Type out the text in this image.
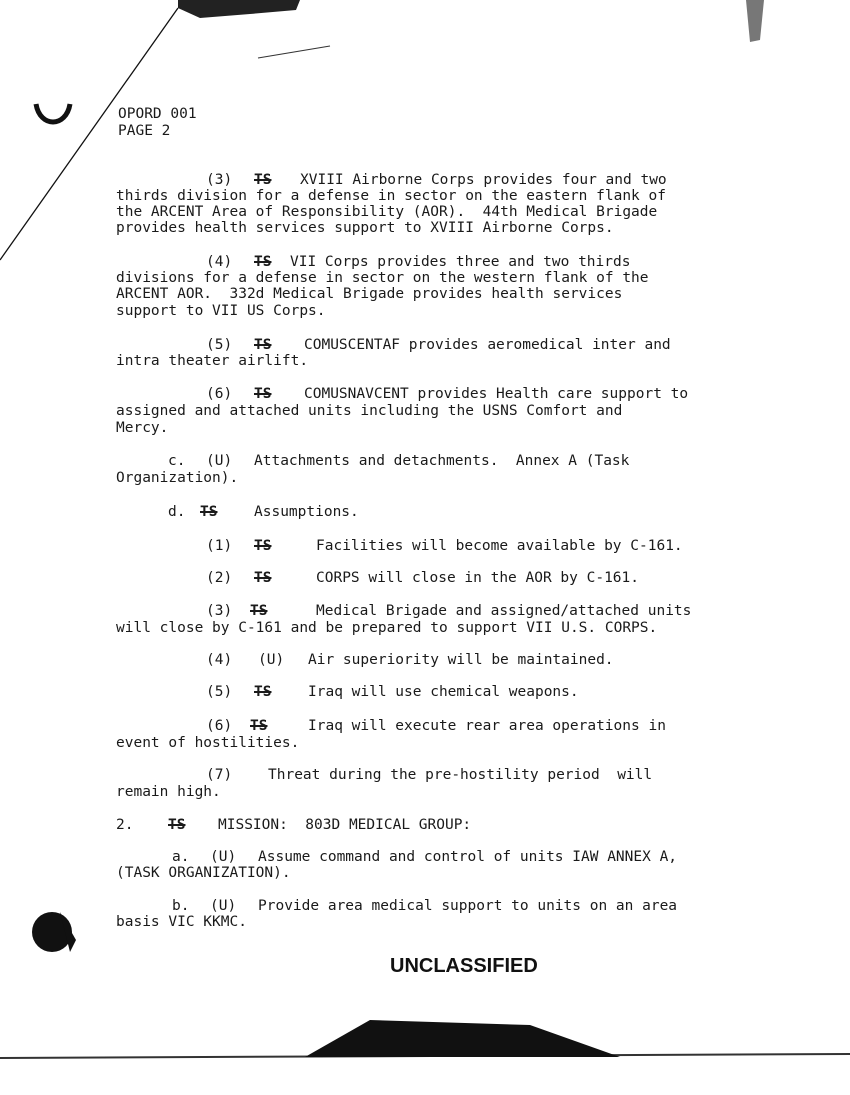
OPORD 001
PAGE 2
(3) TS XVIII Airborne Corps provides four and two
thirds division for a defense in sector on the eastern flank of
the ARCENT Area of Responsibility (AOR).  44th Medical Brigade
provides health services support to XVIII Airborne Corps.
(4) TS VII Corps provides three and two thirds
divisions for a defense in sector on the western flank of the
ARCENT AOR.  332d Medical Brigade provides health services
support to VII US Corps.
(5) TS COMUSCENTAF provides aeromedical inter and
intra theater airlift.
(6) TS COMUSNAVCENT provides Health care support to
assigned and attached units including the USNS Comfort and
Mercy.
c. (U) Attachments and detachments.  Annex A (Task
Organization).
d. TS	Assumptions.
(1) TS	Facilities will become available by C-161.
(2) TS	CORPS will close in the AOR by C-161.
(3) TS	Medical Brigade and assigned/attached units
will close by C-161 and be prepared to support VII U.S. CORPS.
(4) (U) Air superiority will be maintained.
(5) TS	Iraq will use chemical weapons.
(6) TS	Iraq will execute rear area operations in
event of hostilities.
(7) Threat during the pre-hostility period  will
remain high.
2. TS MISSION:  803D MEDICAL GROUP:
a. (U) Assume command and control of units IAW ANNEX A,
(TASK ORGANIZATION).
b. (U) Provide area medical support to units on an area
basis VIC KKMC.
UNCLASSIFIED
